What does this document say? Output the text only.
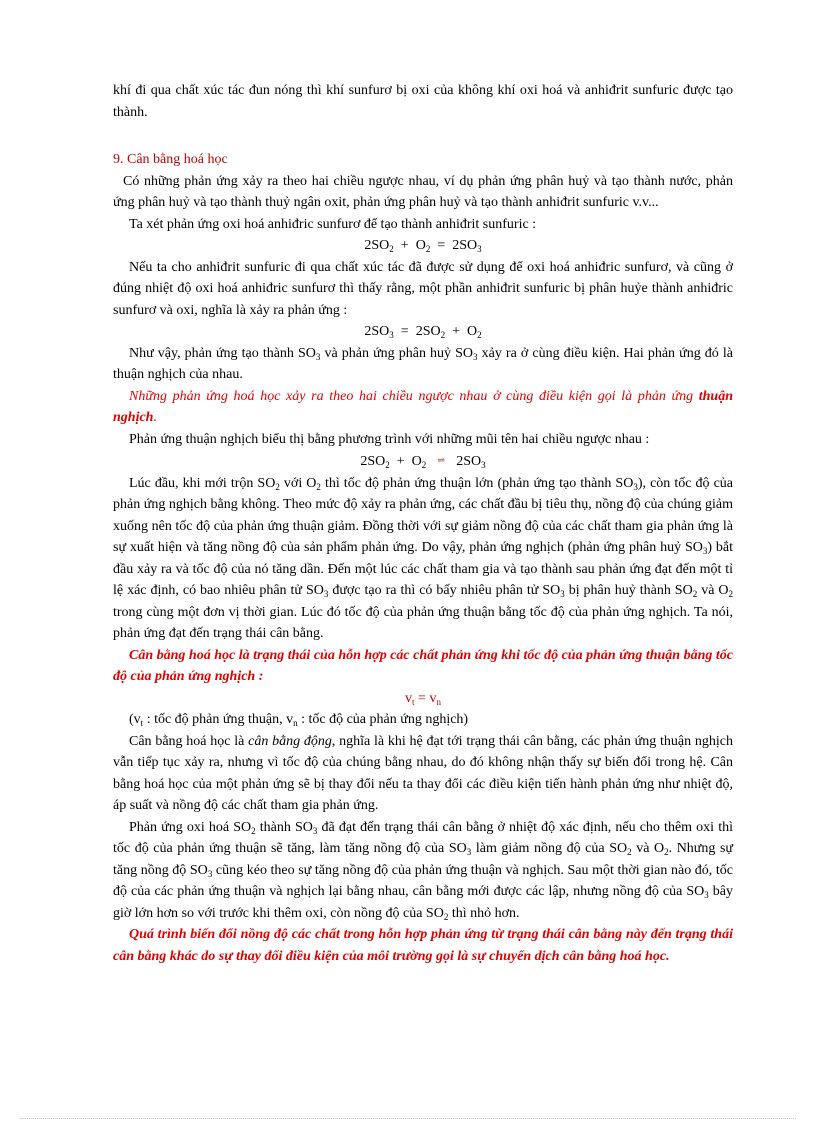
khí đi qua chất xúc tác đun nóng thì khí sunfurơ bị oxi của không khí oxi hoá và anhiđrit sunfuric được tạo thành.

9. Cân bằng hoá học

Có những phản ứng xảy ra theo hai chiều ngược nhau, ví dụ phản ứng phân huỷ và tạo thành nước, phản ứng phân huỷ và tạo thành thuỷ ngân oxit, phản ứng phân huỷ và tạo thành anhiđrit sunfuric v.v...

Ta xét phản ứng oxi hoá anhiđric sunfurơ để tạo thành anhiđrit sunfuric :

$2SO_2 + O_2 = 2SO_3$

Nếu ta cho anhiđrit sunfuric đi qua chất xúc tác đã được sử dụng để oxi hoá anhiđric sunfurơ, và cũng ở đúng nhiệt độ oxi hoá anhiđric sunfurơ thì thấy rằng, một phần anhiđrit sunfuric bị phân huỷe thành anhiđric sunfurơ và oxi, nghĩa là xảy ra phản ứng :

$2SO_3 = 2SO_2 + O_2$

Như vậy, phản ứng tạo thành $SO_3$ và phản ứng phân huỷ $SO_3$ xảy ra ở cùng điều kiện. Hai phản ứng đó là thuận nghịch của nhau.

Những phản ứng hoá học xảy ra theo hai chiều ngược nhau ở cùng điều kiện gọi là phản ứng thuận nghịch.

Phản ứng thuận nghịch biểu thị bằng phương trình với những mũi tên hai chiều ngược nhau :

$2SO_2 + O_2$ ⇌ $2SO_3$

Lúc đầu, khi mới trộn $SO_2$ với $O_2$ thì tốc độ phản ứng thuận lớn (phản ứng tạo thành $SO_3$), còn tốc độ của phản ứng nghịch bằng không. Theo mức độ xảy ra phản ứng, các chất đầu bị tiêu thụ, nồng độ của chúng giảm xuống nên tốc độ của phản ứng thuận giảm. Đồng thời với sự giảm nồng độ của các chất tham gia phản ứng là sự xuất hiện và tăng nồng độ của sản phẩm phản ứng. Do vậy, phản ứng nghịch (phản ứng phân huỷ $SO_3$) bắt đầu xảy ra và tốc độ của nó tăng dần. Đến một lúc các chất tham gia và tạo thành sau phản ứng đạt đến một tỉ lệ xác định, có bao nhiêu phân tử $SO_3$ được tạo ra thì có bấy nhiêu phân tử $SO_3$ bị phân huỷ thành $SO_2$ và $O_2$ trong cùng một đơn vị thời gian. Lúc đó tốc độ của phản ứng thuận bằng tốc độ của phản ứng nghịch. Ta nói, phản ứng đạt đến trạng thái cân bằng.

Cân bằng hoá học là trạng thái của hỗn hợp các chất phản ứng khi tốc độ của phản ứng thuận bằng tốc độ của phản ứng nghịch :

$v_t = v_n$

($v_t$ : tốc độ phản ứng thuận, $v_n$ : tốc độ của phản ứng nghịch)

Cân bằng hoá học là cân bằng động, nghĩa là khi hệ đạt tới trạng thái cân bằng, các phản ứng thuận nghịch vẫn tiếp tục xảy ra, nhưng vì tốc độ của chúng bằng nhau, do đó không nhận thấy sự biến đổi trong hệ. Cân bằng hoá học của một phản ứng sẽ bị thay đổi nếu ta thay đổi các điều kiện tiến hành phản ứng như nhiệt độ, áp suất và nồng độ các chất tham gia phản ứng.

Phản ứng oxi hoá $SO_2$ thành $SO_3$ đã đạt đến trạng thái cân bằng ở nhiệt độ xác định, nếu cho thêm oxi thì tốc độ của phản ứng thuận sẽ tăng, làm tăng nồng độ của $SO_3$ làm giảm nồng độ của $SO_2$ và $O_2$. Nhưng sự tăng nồng độ $SO_3$ cũng kéo theo sự tăng nồng độ của phản ứng thuận và nghịch. Sau một thời gian nào đó, tốc độ của các phản ứng thuận và nghịch lại bằng nhau, cân bằng mới được các lập, nhưng nồng độ của $SO_3$ bây giờ lớn hơn so với trước khi thêm oxi, còn nồng độ của $SO_2$ thì nhỏ hơn.

Quá trình biến đổi nồng độ các chất trong hỗn hợp phản ứng từ trạng thái cân bằng này đến trạng thái cân bằng khác do sự thay đổi điều kiện của môi trường gọi là sự chuyển dịch cân bằng hoá học.
